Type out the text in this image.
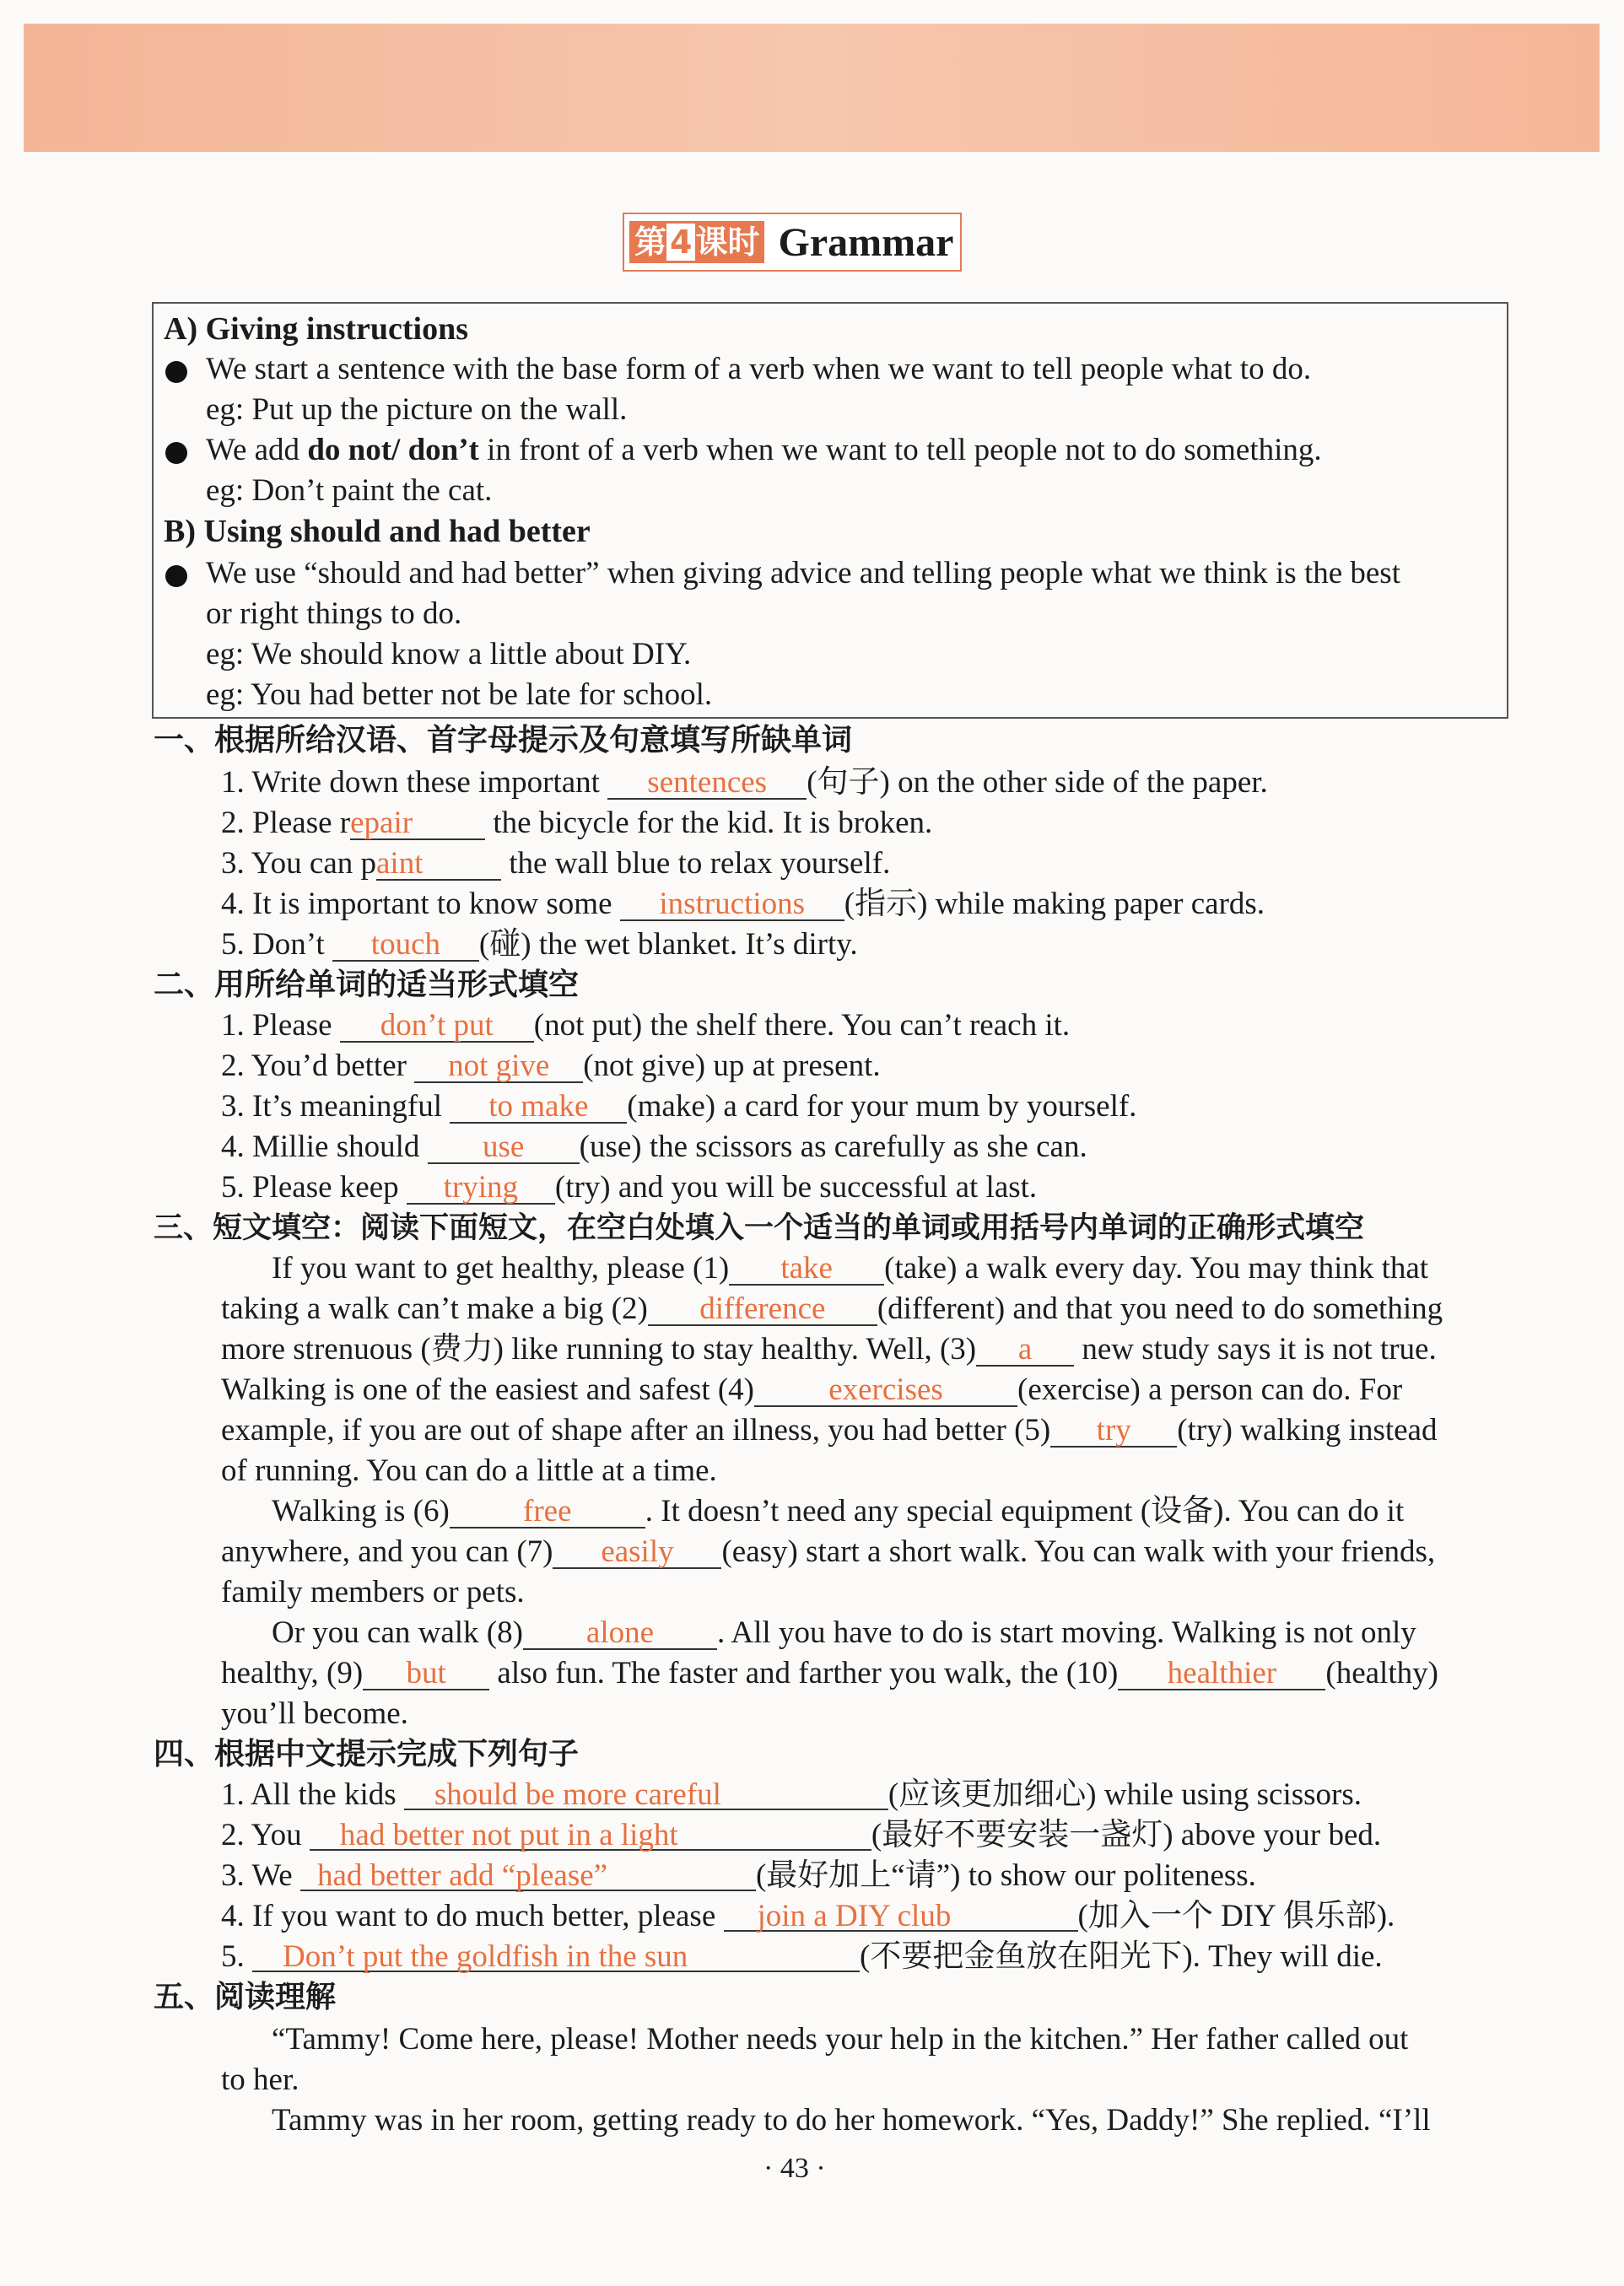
第 4 课时 Grammar
A) Giving instructions
We start a sentence with the base form of a verb when we want to tell people what to do.
eg: Put up the picture on the wall.
We add do not/ don’t in front of a verb when we want to tell people not to do something.
eg: Don’t paint the cat.
B) Using should and had better
We use “should and had better” when giving advice and telling people what we think is the best
or right things to do.
eg: We should know a little about DIY.
eg: You had better not be late for school.
一、根据所给汉语、首字母提示及句意填写所缺单词
1. Write down these important sentences (句子) on the other side of the paper.
2. Please repair the bicycle for the kid. It is broken.
3. You can paint	the wall blue to relax yourself.
4. It is important to know some instructions (指示) while making paper cards.
5. Don’t touch (碰) the wet blanket. It’s dirty.
二、用所给单词的适当形式填空
1. Please don’t put (not put) the shelf there. You can’t reach it.
2. You’d better not give (not give) up at present.
3. It’s meaningful to make (make) a card for your mum by yourself.
4. Millie should use (use) the scissors as carefully as she can.
5. Please keep trying (try) and you will be successful at last.
三、短文填空：阅读下面短文，在空白处填入一个适当的单词或用括号内单词的正确形式填空
If you want to get healthy, please (1) take (take) a walk every day. You may think that
taking a walk can’t make a big (2) difference (different) and that you need to do something
more strenuous (费力) like running to stay healthy. Well, (3) a new study says it is not true.
Walking is one of the easiest and safest (4) exercises (exercise) a person can do. For
example, if you are out of shape after an illness, you had better (5) try (try) walking instead
of running. You can do a little at a time.
Walking is (6) free . It doesn’t need any special equipment (设备). You can do it
anywhere, and you can (7) easily (easy) start a short walk. You can walk with your friends,
family members or pets.
Or you can walk (8) alone . All you have to do is start moving. Walking is not only
healthy, (9) but also fun. The faster and farther you walk, the (10) healthier (healthy)
you’ll become.
四、根据中文提示完成下列句子
1. All the kids should be more careful	(应该更加细心) while using scissors.
2. You had better not put in a light	(最好不要安装一盏灯) above your bed.
3. We had better add “please”	(最好加上“请”) to show our politeness.
4. If you want to do much better, please join a DIY club	(加入一个 DIY 俱乐部).
5. Don’t put the goldfish in the sun	(不要把金鱼放在阳光下). They will die.
五、阅读理解
“Tammy! Come here, please! Mother needs your help in the kitchen.” Her father called out
to her.
Tammy was in her room, getting ready to do her homework. “Yes, Daddy!” She replied. “I’ll
· 43 ·
